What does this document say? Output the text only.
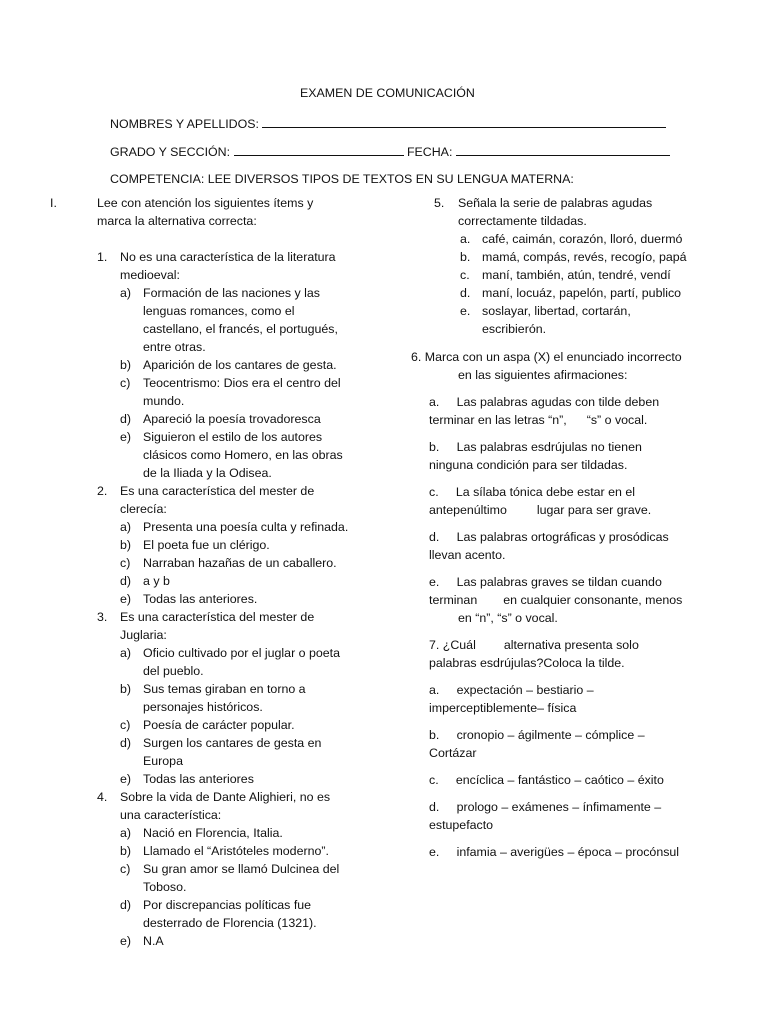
EXAMEN DE COMUNICACIÓN
NOMBRES Y APELLIDOS:
GRADO Y SECCIÓN:	FECHA:
COMPETENCIA: LEE DIVERSOS TIPOS DE TEXTOS EN SU LENGUA MATERNA:
I.	Lee con atención los siguientes ítems y
marca la alternativa correcta:
1. No es una característica de la literatura
medioeval:
a) Formación de las naciones y las
lenguas romances, como el
castellano, el francés, el portugués,
entre otras.
b) Aparición de los cantares de gesta.
c) Teocentrismo: Dios era el centro del
mundo.
d) Apareció la poesía trovadoresca
e) Siguieron el estilo de los autores
clásicos como Homero, en las obras
de la Iliada y la Odisea.
2. Es una característica del mester de
clerecía:
a) Presenta una poesía culta y refinada.
b) El poeta fue un clérigo.
c) Narraban hazañas de un caballero.
d) a y b
e) Todas las anteriores.
3. Es una característica del mester de
Juglaria:
a) Oficio cultivado por el juglar o poeta
del pueblo.
b) Sus temas giraban en torno a
personajes históricos.
c) Poesía de carácter popular.
d) Surgen los cantares de gesta en
Europa
e) Todas las anteriores
4. Sobre la vida de Dante Alighieri, no es
una característica:
a) Nació en Florencia, Italia.
b) Llamado el “Aristóteles moderno”.
c) Su gran amor se llamó Dulcinea del
Toboso.
d) Por discrepancias políticas fue
desterrado de Florencia (1321).
e) N.A
5. Señala la serie de palabras agudas
correctamente tildadas.
a. café, caimán, corazón, lloró, duermó
b. mamá, compás, revés, recogío, papá
c. maní, también, atún, tendré, vendí
d. maní, locuáz, papelón, partí, publico
e. soslayar, libertad, cortarán,
escribierón.
6. Marca con un aspa (X) el enunciado incorrecto
en las siguientes afirmaciones:
a. Las palabras agudas con tilde deben
terminar en las letras “n”, “s” o vocal.
b. Las palabras esdrújulas no tienen
ninguna condición para ser tildadas.
c. La sílaba tónica debe estar en el
antepenúltimo lugar para ser grave.
d. Las palabras ortográficas y prosódicas
llevan acento.
e. Las palabras graves se tildan cuando
terminan en cualquier consonante, menos
en “n”, “s” o vocal.
7. ¿Cuál alternativa presenta solo
palabras esdrújulas?Coloca la tilde.
a. expectación – bestiario –
imperceptiblemente– física
b. cronopio – ágilmente – cómplice –
Cortázar
c. encíclica – fantástico – caótico – éxito
d. prologo – exámenes – ínfimamente –
estupefacto
e. infamia – averigües – época – procónsul
